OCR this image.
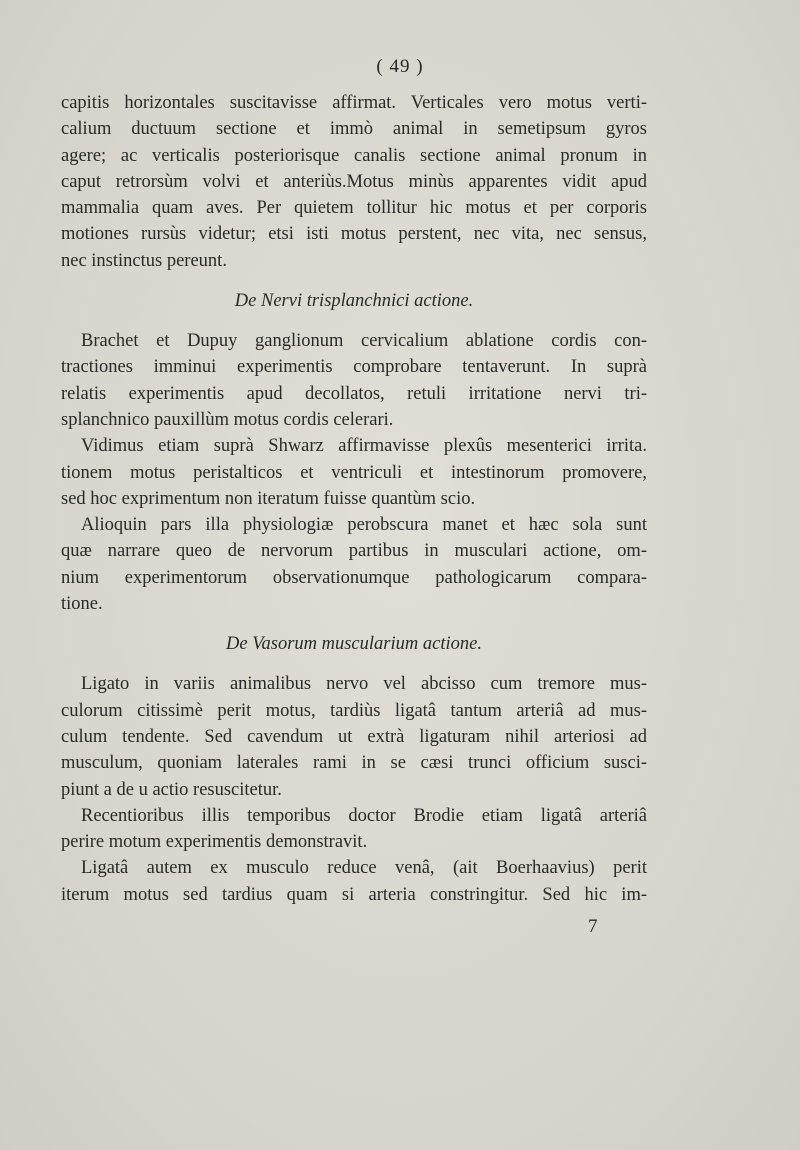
( 49 )

capitis horizontales suscitavisse affirmat. Verticales vero motus verti-
calium ductuum sectione et immò animal in semetipsum gyros
agere; ac verticalis posteriorisque canalis sectione animal pronum in
caput retrorsùm volvi et anteriùs.Motus minùs apparentes vidit apud
mammalia quam aves. Per quietem tollitur hic motus et per corporis
motiones rursùs videtur; etsi isti motus perstent, nec vita, nec sensus,
nec instinctus pereunt.

De Nervi trisplanchnici actione.

Brachet et Dupuy ganglionum cervicalium ablatione cordis con-
tractiones imminui experimentis comprobare tentaverunt. In suprà
relatis experimentis apud decollatos, retuli irritatione nervi tri-
splanchnico pauxillùm motus cordis celerari.

Vidimus etiam suprà Shwarz affirmavisse plexûs mesenterici irrita.
tionem motus peristalticos et ventriculi et intestinorum promovere,
sed hoc exprimentum non iteratum fuisse quantùm scio.

Alioquin pars illa physiologiæ perobscura manet et hæc sola sunt
quæ narrare queo de nervorum partibus in musculari actione, om-
nium experimentorum observationumque pathologicarum compara-
tione.

De Vasorum muscularium actione.

Ligato in variis animalibus nervo vel abcisso cum tremore mus-
culorum citissimè perit motus, tardiùs ligatâ tantum arteriâ ad mus-
culum tendente. Sed cavendum ut extrà ligaturam nihil arteriosi ad
musculum, quoniam laterales rami in se cæsi trunci officium susci-
piunt a de u actio resuscitetur.

Recentioribus illis temporibus doctor Brodie etiam ligatâ arteriâ
perire motum experimentis demonstravit.

Ligatâ autem ex musculo reduce venâ, (ait Boerhaavius) perit
iterum motus sed tardius quam si arteria constringitur. Sed hic im-

7
